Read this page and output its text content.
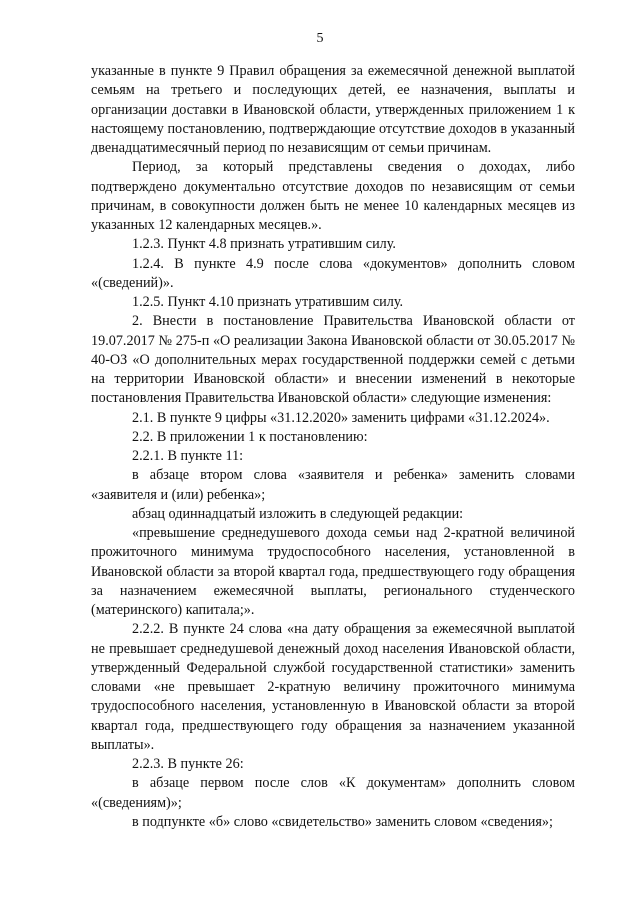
5

указанные в пункте 9 Правил обращения за ежемесячной денежной выплатой семьям на третьего и последующих детей, ее назначения, выплаты и организации доставки в Ивановской области, утвержденных приложением 1 к настоящему постановлению, подтверждающие отсутствие доходов в указанный двенадцатимесячный период по независящим от семьи причинам.

Период, за который представлены сведения о доходах, либо подтверждено документально отсутствие доходов по независящим от семьи причинам, в совокупности должен быть не менее 10 календарных месяцев из указанных 12 календарных месяцев.».

1.2.3. Пункт 4.8 признать утратившим силу.

1.2.4. В пункте 4.9 после слова «документов» дополнить словом «(сведений)».

1.2.5. Пункт 4.10 признать утратившим силу.

2. Внести в постановление Правительства Ивановской области от 19.07.2017 № 275-п «О реализации Закона Ивановской области от 30.05.2017 № 40-ОЗ «О дополнительных мерах государственной поддержки семей с детьми на территории Ивановской области» и внесении изменений в некоторые постановления Правительства Ивановской области» следующие изменения:

2.1. В пункте 9 цифры «31.12.2020» заменить цифрами «31.12.2024».

2.2. В приложении 1 к постановлению:

2.2.1. В пункте 11:

в абзаце втором слова «заявителя и ребенка» заменить словами «заявителя и (или) ребенка»;

абзац одиннадцатый изложить в следующей редакции:

«превышение среднедушевого дохода семьи над 2-кратной величиной прожиточного минимума трудоспособного населения, установленной в Ивановской области за второй квартал года, предшествующего году обращения за назначением ежемесячной выплаты, регионального студенческого (материнского) капитала;».

2.2.2. В пункте 24 слова «на дату обращения за ежемесячной выплатой не превышает среднедушевой денежный доход населения Ивановской области, утвержденный Федеральной службой государственной статистики» заменить словами «не превышает 2-кратную величину прожиточного минимума трудоспособного населения, установленную в Ивановской области за второй квартал года, предшествующего году обращения за назначением указанной выплаты».

2.2.3. В пункте 26:

в абзаце первом после слов «К документам» дополнить словом «(сведениям)»;

в подпункте «б» слово «свидетельство» заменить словом «сведения»;
